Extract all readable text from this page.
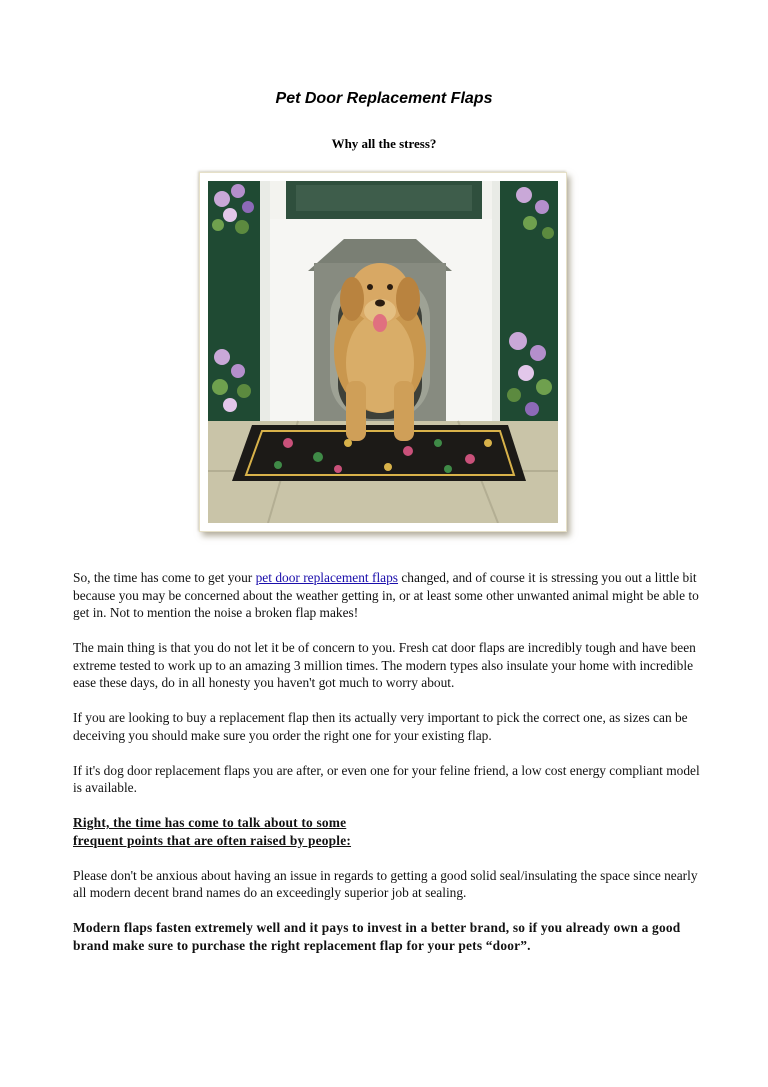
Pet Door Replacement Flaps
Why all the stress?

So, the time has come to get your pet door replacement flaps changed, and of course it is stressing you out a little bit because you may be concerned about the weather getting in, or at least some other unwanted animal might be able to get in. Not to mention the noise a broken flap makes!

The main thing is that you do not let it be of concern to you. Fresh cat door flaps are incredibly tough and have been extreme tested to work up to an amazing 3 million times. The modern types also insulate your home with incredible ease these days, do in all honesty you haven't got much to worry about.

If you are looking to buy a replacement flap then its actually very important to pick the correct one, as sizes can be deceiving you should make sure you order the right one for your existing flap.

If it's dog door replacement flaps you are after, or even one for your feline friend, a low cost energy compliant model is available.

Right, the time has come to talk about to some
frequent points that are often raised by people:

Please don't be anxious about having an issue in regards to getting a good solid seal/insulating the space since nearly all modern decent brand names do an exceedingly superior job at sealing.

Modern flaps fasten extremely well and it pays to invest in a better brand, so if you already own a good brand make sure to purchase the right replacement flap for your pets “door”.
